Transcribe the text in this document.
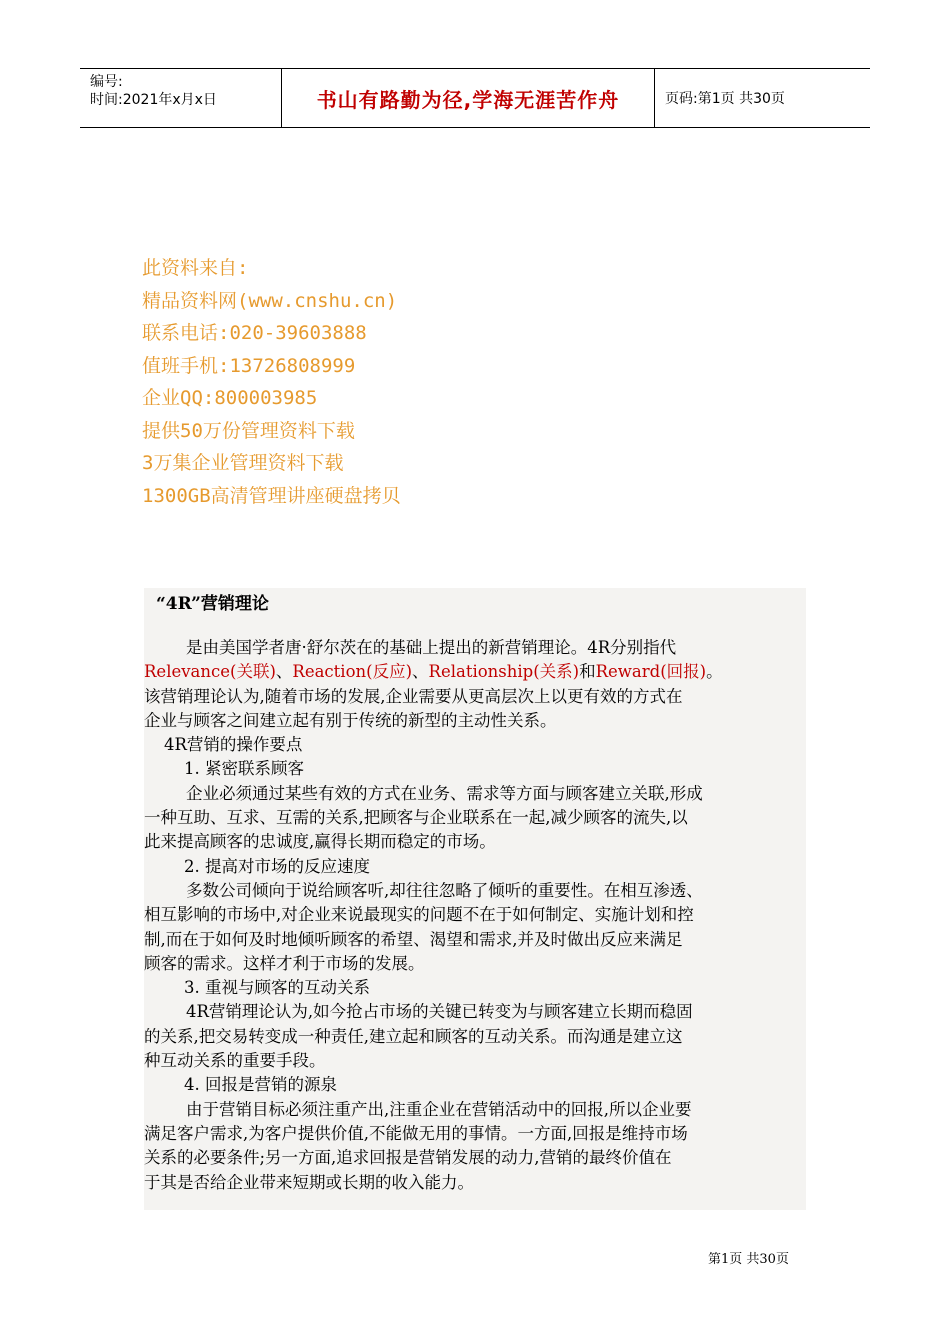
编号:
时间:2021年x月x日	书山有路勤为径,学海无涯苦作舟	页码:第1页 共30页
此资料来自:
精品资料网(www.cnshu.cn)
联系电话:020-39603888
值班手机:13726808999
企业QQ:800003985
提供50万份管理资料下载
3万集企业管理资料下载
1300GB高清管理讲座硬盘拷贝
“4R”营销理论
是由美国学者唐·舒尔茨在的基础上提出的新营销理论。4R分别指代
Relevance(关联)、Reaction(反应)、Relationship(关系)和Reward(回报)。
该营销理论认为,随着市场的发展,企业需要从更高层次上以更有效的方式在
企业与顾客之间建立起有别于传统的新型的主动性关系。
4R营销的操作要点
1. 紧密联系顾客
企业必须通过某些有效的方式在业务、需求等方面与顾客建立关联,形成
一种互助、互求、互需的关系,把顾客与企业联系在一起,减少顾客的流失,以
此来提高顾客的忠诚度,赢得长期而稳定的市场。
2. 提高对市场的反应速度
多数公司倾向于说给顾客听,却往往忽略了倾听的重要性。在相互渗透、
相互影响的市场中,对企业来说最现实的问题不在于如何制定、实施计划和控
制,而在于如何及时地倾听顾客的希望、渴望和需求,并及时做出反应来满足
顾客的需求。这样才利于市场的发展。
3. 重视与顾客的互动关系
4R营销理论认为,如今抢占市场的关键已转变为与顾客建立长期而稳固
的关系,把交易转变成一种责任,建立起和顾客的互动关系。而沟通是建立这
种互动关系的重要手段。
4. 回报是营销的源泉
由于营销目标必须注重产出,注重企业在营销活动中的回报,所以企业要
满足客户需求,为客户提供价值,不能做无用的事情。一方面,回报是维持市场
关系的必要条件;另一方面,追求回报是营销发展的动力,营销的最终价值在
于其是否给企业带来短期或长期的收入能力。
第1页 共30页
